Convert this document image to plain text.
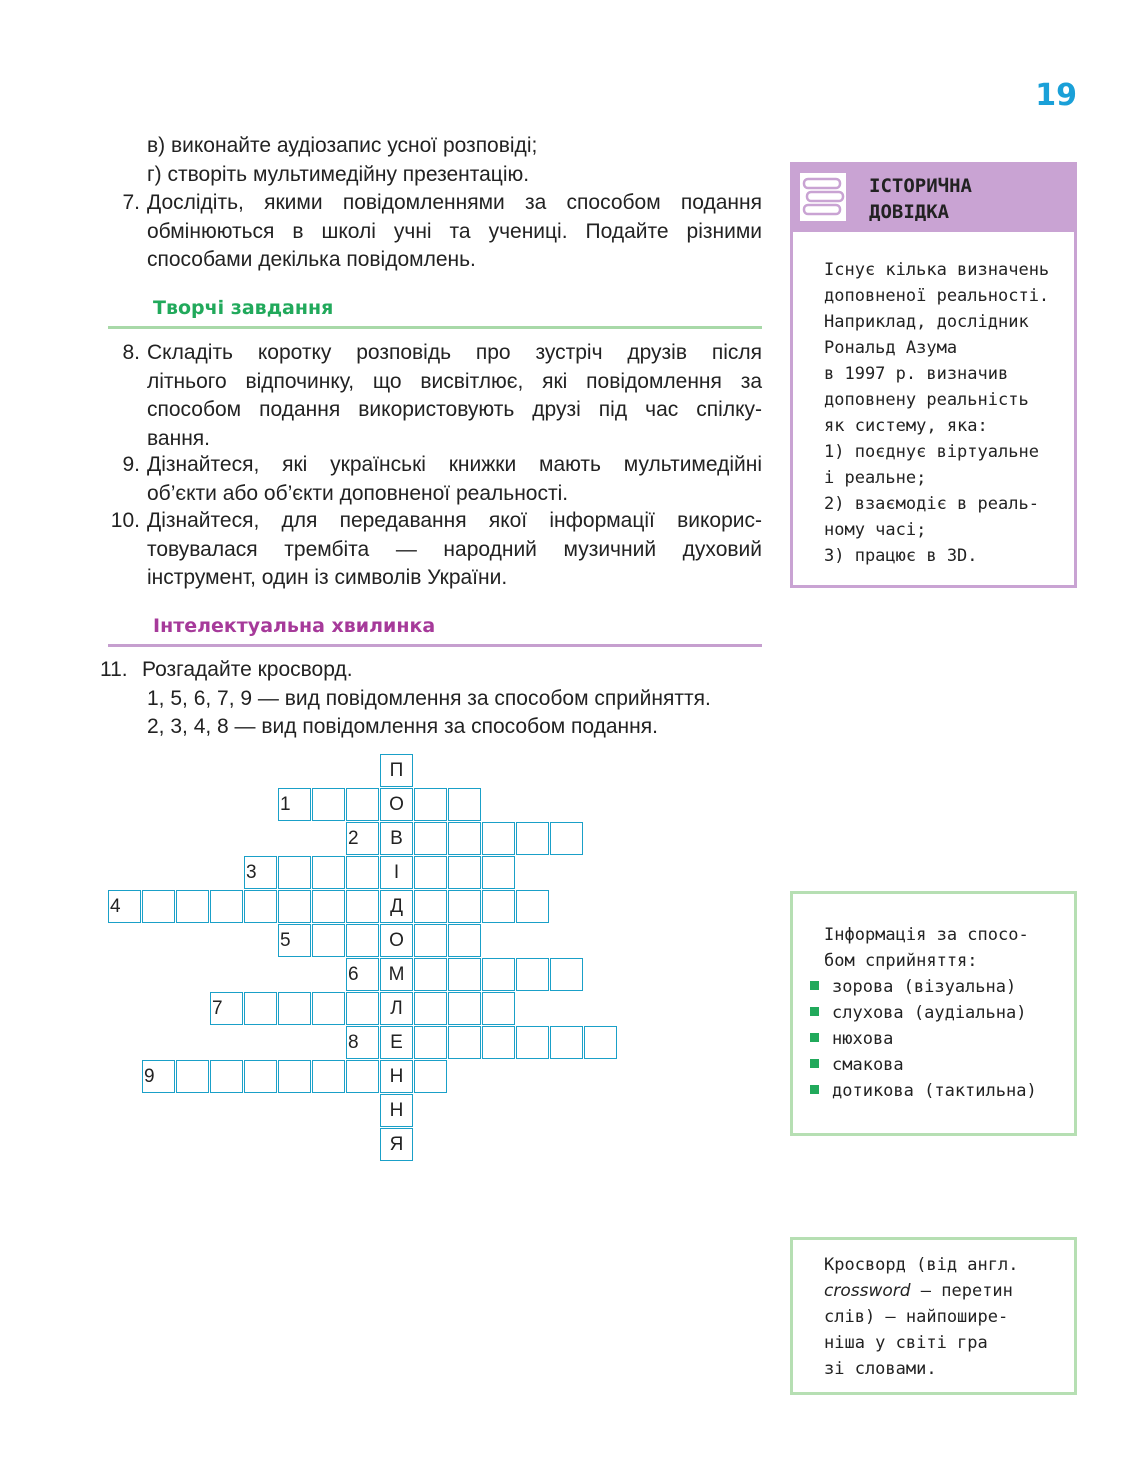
19
в) виконайте аудіозапис усної розповіді;
г) створіть мультимедійну презентацію.
7. Дослідіть, якими повідомленнями за способом подання
обмінюються в школі учні та учениці. Подайте різними
способами декілька повідомлень.
Творчі завдання
8. Складіть коротку розповідь про зустріч друзів після
літнього відпочинку, що висвітлює, які повідомлення за
способом подання використовують друзі під час спілку-
вання.
9. Дізнайтеся, які українські книжки мають мультимедійні
об’єкти або об’єкти доповненої реальності.
10. Дізнайтеся, для передавання якої інформації викорис-
товувалася трембіта — народний музичний духовий
інструмент, один із символів України.
Інтелектуальна хвилинка
11. Розгадайте кросворд.
1, 5, 6, 7, 9 — вид повідомлення за способом сприйняття.
2, 3, 4, 8 — вид повідомлення за способом подання.
П
1	О
2	В
3	І
4	Д
5	О
6	М
7	Л
8	Е
9	Н
Н
Я
ІСТОРИЧНА
ДОВІДКА
Існує кілька визначень
доповненої реальності.
Наприклад, дослідник
Рональд Азума
в 1997 р. визначив
доповнену реальність
як систему, яка:
1) поєднує віртуальне
і реальне;
2) взаємодіє в реаль-
ному часі;
3) працює в 3D.
Інформація за спосо-
бом сприйняття:
зорова (візуальна)
слухова (аудіальна)
нюхова
смакова
дотикова (тактильна)
Кросворд (від англ.
crossword — перетин
слів) — найпошире-
ніша у світі гра
зі словами.
